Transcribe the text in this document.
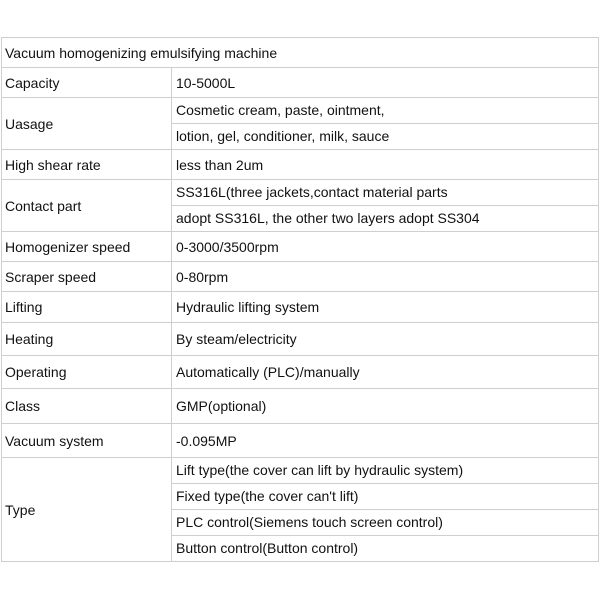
Vacuum homogenizing emulsifying machine	
Capacity	10-5000L
Uasage	Cosmetic cream, paste, ointment,
lotion, gel, conditioner, milk, sauce

High shear rate	less than 2um
Contact part	SS316L(three jackets,contact material parts
adopt SS316L, the other two layers adopt SS304

Homogenizer speed	0-3000/3500rpm
Scraper speed	0-80rpm
Lifting	Hydraulic lifting system
Heating	By steam/electricity
Operating	Automatically (PLC)/manually
Class	GMP(optional)
Vacuum system	-0.095MP
Type	Lift type(the cover can lift by hydraulic system)
Fixed type(the cover can't lift)
PLC control(Siemens touch screen control)
Button control(Button control)
